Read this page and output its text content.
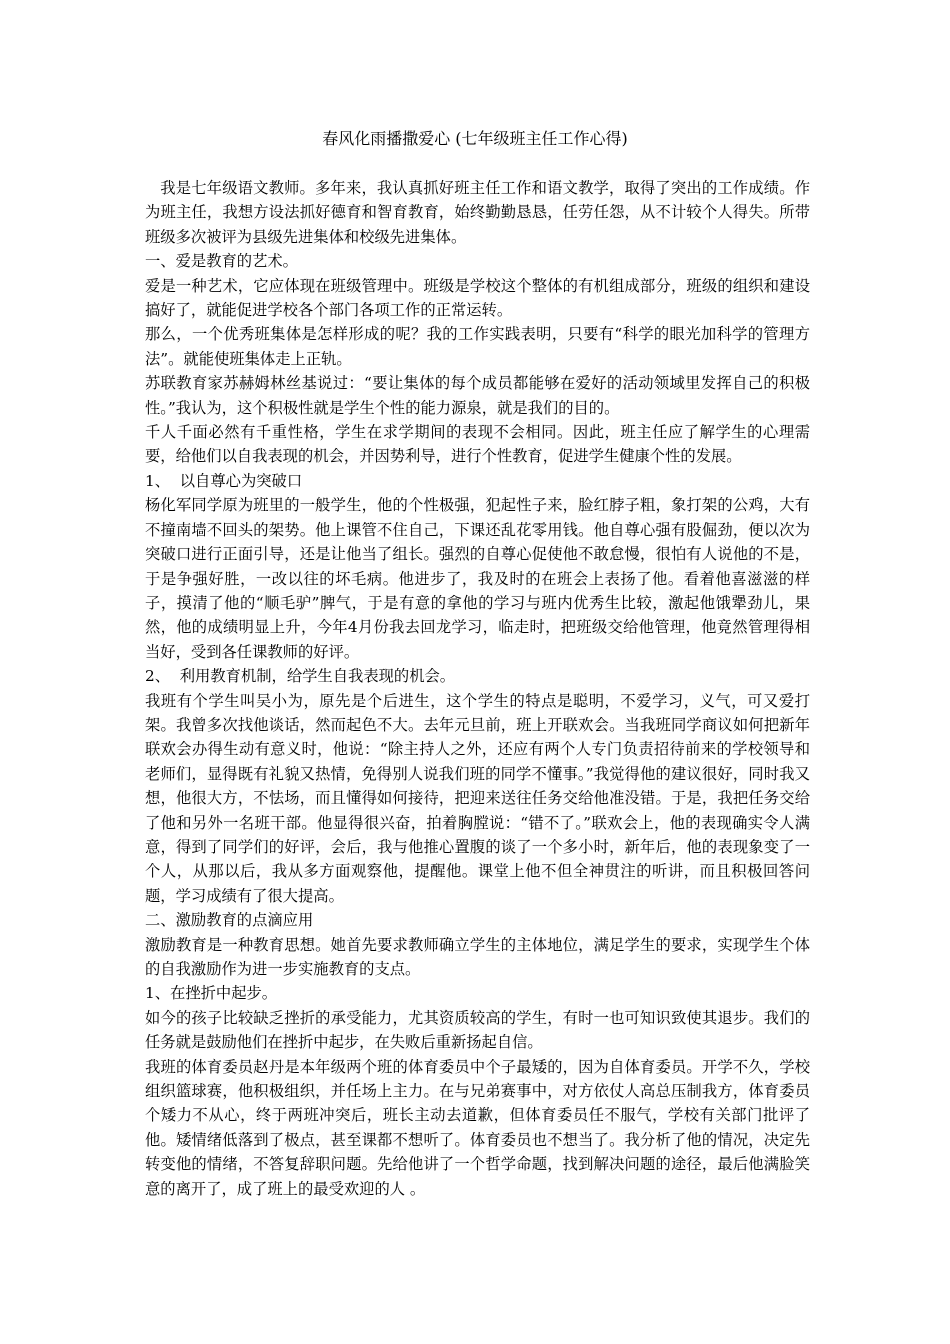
春风化雨播撒爱心 (七年级班主任工作心得)

我是七年级语文教师。多年来，我认真抓好班主任工作和语文教学，取得了突出的工作成绩。作为班主任，我想方设法抓好德育和智育教育，始终勤勤恳恳，任劳任怨，从不计较个人得失。所带班级多次被评为县级先进集体和校级先进集体。

一、爱是教育的艺术。

爱是一种艺术，它应体现在班级管理中。班级是学校这个整体的有机组成部分，班级的组织和建设搞好了，就能促进学校各个部门各项工作的正常运转。

那么，一个优秀班集体是怎样形成的呢？我的工作实践表明，只要有“科学的眼光加科学的管理方法”。就能使班集体走上正轨。

苏联教育家苏赫姆林丝基说过：“要让集体的每个成员都能够在爱好的活动领域里发挥自己的积极性。”我认为，这个积极性就是学生个性的能力源泉，就是我们的目的。

千人千面必然有千重性格，学生在求学期间的表现不会相同。因此，班主任应了解学生的心理需要，给他们以自我表现的机会，并因势利导，进行个性教育，促进学生健康个性的发展。

1、  以自尊心为突破口

杨化军同学原为班里的一般学生，他的个性极强，犯起性子来，脸红脖子粗，象打架的公鸡，大有不撞南墙不回头的架势。他上课管不住自己，下课还乱花零用钱。他自尊心强有股倔劲，便以次为突破口进行正面引导，还是让他当了组长。强烈的自尊心促使他不敢怠慢，很怕有人说他的不是，于是争强好胜，一改以往的坏毛病。他进步了，我及时的在班会上表扬了他。看着他喜滋滋的样子，摸清了他的“顺毛驴”脾气，于是有意的拿他的学习与班内优秀生比较，激起他饿犟劲儿，果然，他的成绩明显上升，今年4月份我去回龙学习，临走时，把班级交给他管理，他竟然管理得相当好，受到各任课教师的好评。

2、  利用教育机制，给学生自我表现的机会。

我班有个学生叫吴小为，原先是个后进生，这个学生的特点是聪明，不爱学习，义气，可又爱打架。我曾多次找他谈话，然而起色不大。去年元旦前，班上开联欢会。当我班同学商议如何把新年联欢会办得生动有意义时，他说：“除主持人之外，还应有两个人专门负责招待前来的学校领导和老师们，显得既有礼貌又热情，免得别人说我们班的同学不懂事。”我觉得他的建议很好，同时我又想，他很大方，不怯场，而且懂得如何接待，把迎来送往任务交给他准没错。于是，我把任务交给了他和另外一名班干部。他显得很兴奋，拍着胸膛说：“错不了。”联欢会上，他的表现确实令人满意，得到了同学们的好评，会后，我与他推心置腹的谈了一个多小时，新年后，他的表现象变了一个人，从那以后，我从多方面观察他，提醒他。课堂上他不但全神贯注的听讲，而且积极回答问题，学习成绩有了很大提高。

二、激励教育的点滴应用

激励教育是一种教育思想。她首先要求教师确立学生的主体地位，满足学生的要求，实现学生个体的自我激励作为进一步实施教育的支点。

1、在挫折中起步。

如今的孩子比较缺乏挫折的承受能力，尤其资质较高的学生，有时一也可知识致使其退步。我们的任务就是鼓励他们在挫折中起步，在失败后重新扬起自信。

我班的体育委员赵丹是本年级两个班的体育委员中个子最矮的，因为自体育委员。开学不久，学校组织篮球赛，他积极组织，并任场上主力。在与兄弟赛事中，对方依仗人高总压制我方，体育委员个矮力不从心，终于两班冲突后，班长主动去道歉，但体育委员任不服气，学校有关部门批评了他。矮情绪低落到了极点，甚至课都不想听了。体育委员也不想当了。我分析了他的情况，决定先转变他的情绪，不答复辞职问题。先给他讲了一个哲学命题，找到解决问题的途径，最后他满脸笑意的离开了，成了班上的最受欢迎的人 。
